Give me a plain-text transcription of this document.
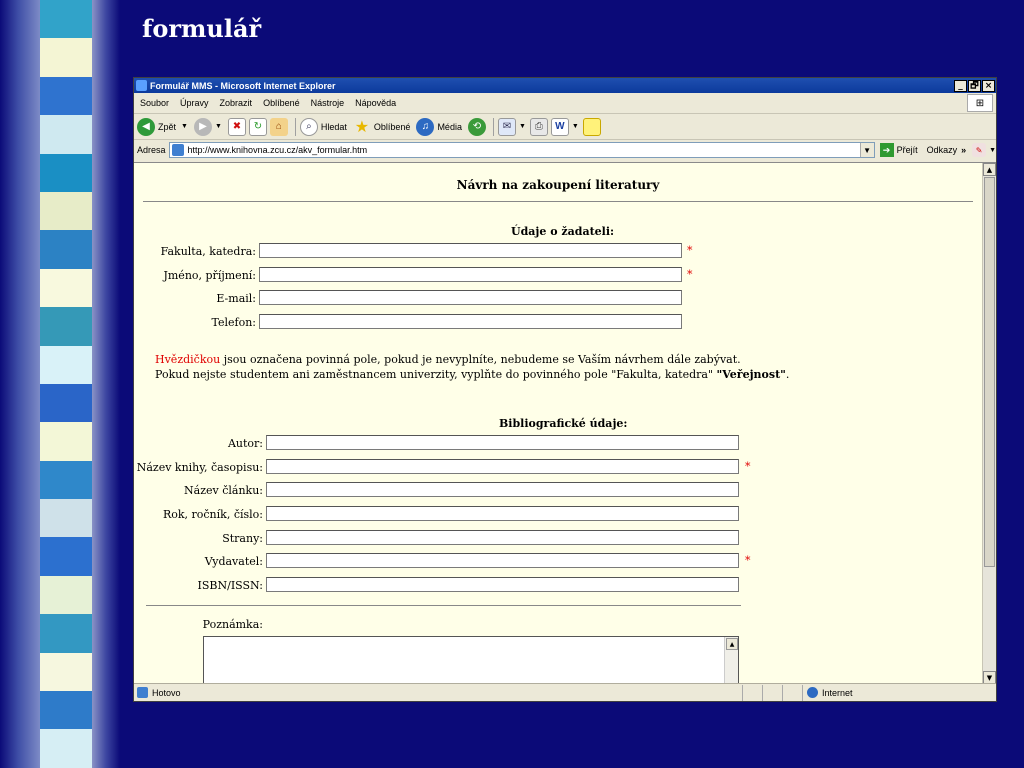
formulář
Formulář MMS - Microsoft Internet Explorer	_ 🗗 ×
Soubor Úpravy Zobrazit Oblíbené Nástroje Nápověda	⊞
◀ Zpět ▼	▶	▼	✖	↻	⌂	⌕	Hledat ★ Oblíbené	♫ Média	⟲	✉	▼ ⎙	W	▼
Adresa http://www.knihovna.zcu.cz/akv_formular.htm	▼	➔ Přejít Odkazy »	✎ ▼
Návrh na zakoupení literatury
Údaje o žadateli:
Fakulta, katedra:	*
Jméno, příjmení:	*
E-mail:
Telefon:
Hvězdičkou jsou označena povinná pole, pokud je nevyplníte, nebudeme se Vaším návrhem dále zabývat.
Pokud nejste studentem ani zaměstnancem univerzity, vyplňte do povinného pole "Fakulta, katedra" "Veřejnost".
Bibliografické údaje:
Autor:
Název knihy, časopisu:	*
Název článku:
Rok, ročník, číslo:
Strany:
Vydavatel:	*
ISBN/ISSN:
Poznámka:
▲
▲
▼
Hotovo	Internet
